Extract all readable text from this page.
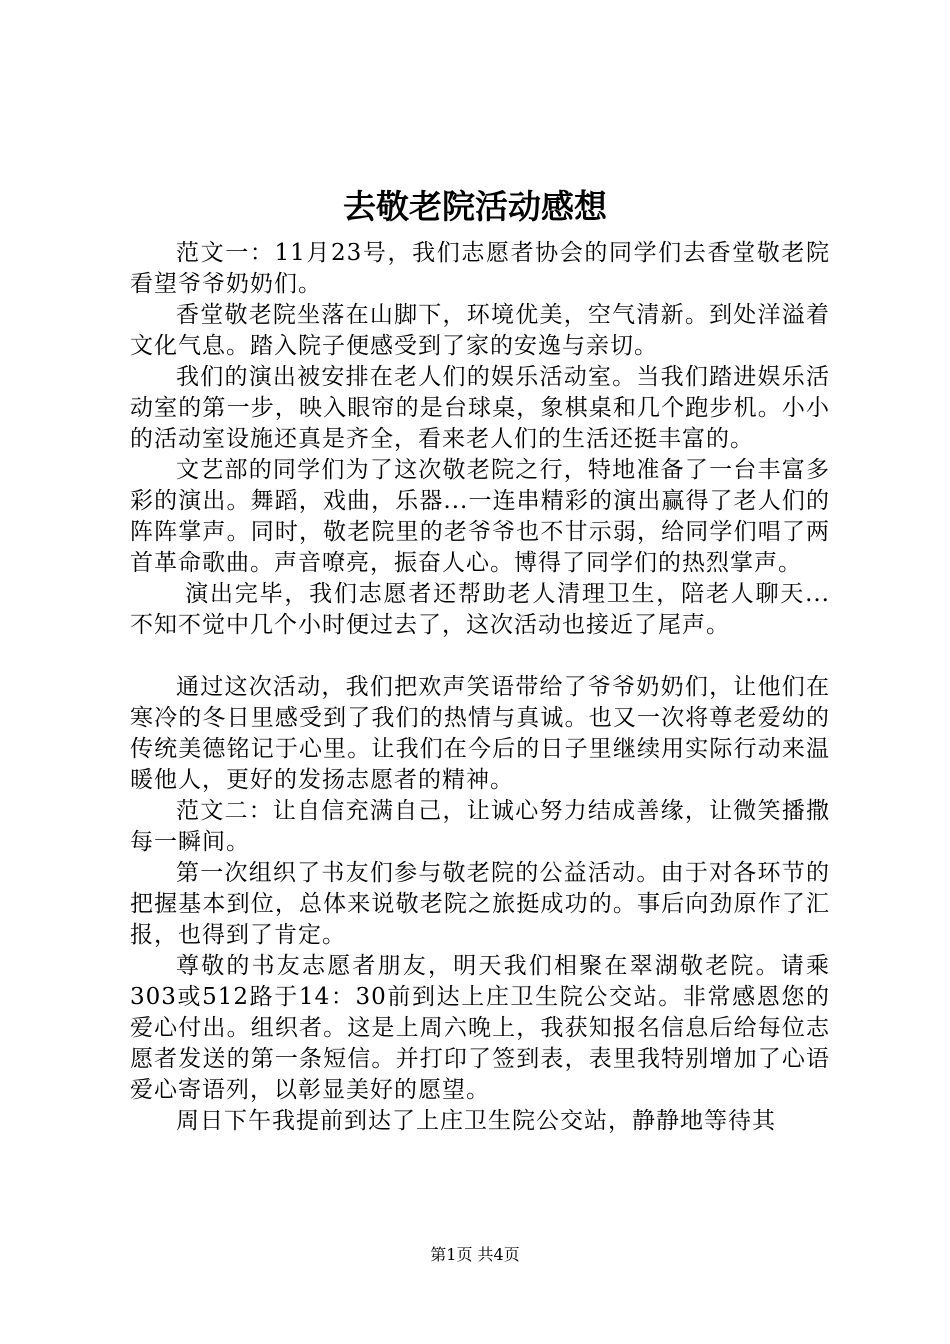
去敬老院活动感想

范文一：11月23号，我们志愿者协会的同学们去香堂敬老院看望爷爷奶奶们。

香堂敬老院坐落在山脚下，环境优美，空气清新。到处洋溢着文化气息。踏入院子便感受到了家的安逸与亲切。

我们的演出被安排在老人们的娱乐活动室。当我们踏进娱乐活动室的第一步，映入眼帘的是台球桌，象棋桌和几个跑步机。小小的活动室设施还真是齐全，看来老人们的生活还挺丰富的。

文艺部的同学们为了这次敬老院之行，特地准备了一台丰富多彩的演出。舞蹈，戏曲，乐器...一连串精彩的演出赢得了老人们的阵阵掌声。同时，敬老院里的老爷爷也不甘示弱，给同学们唱了两首革命歌曲。声音嘹亮，振奋人心。博得了同学们的热烈掌声。

演出完毕，我们志愿者还帮助老人清理卫生，陪老人聊天...不知不觉中几个小时便过去了，这次活动也接近了尾声。

通过这次活动，我们把欢声笑语带给了爷爷奶奶们，让他们在寒冷的冬日里感受到了我们的热情与真诚。也又一次将尊老爱幼的传统美德铭记于心里。让我们在今后的日子里继续用实际行动来温暖他人，更好的发扬志愿者的精神。

范文二：让自信充满自己，让诚心努力结成善缘，让微笑播撒每一瞬间。

第一次组织了书友们参与敬老院的公益活动。由于对各环节的把握基本到位，总体来说敬老院之旅挺成功的。事后向劲原作了汇报，也得到了肯定。

尊敬的书友志愿者朋友，明天我们相聚在翠湖敬老院。请乘303或512路于14：30前到达上庄卫生院公交站。非常感恩您的爱心付出。组织者。这是上周六晚上，我获知报名信息后给每位志愿者发送的第一条短信。并打印了签到表，表里我特别增加了心语爱心寄语列，以彰显美好的愿望。

周日下午我提前到达了上庄卫生院公交站，静静地等待其

第1页 共4页
